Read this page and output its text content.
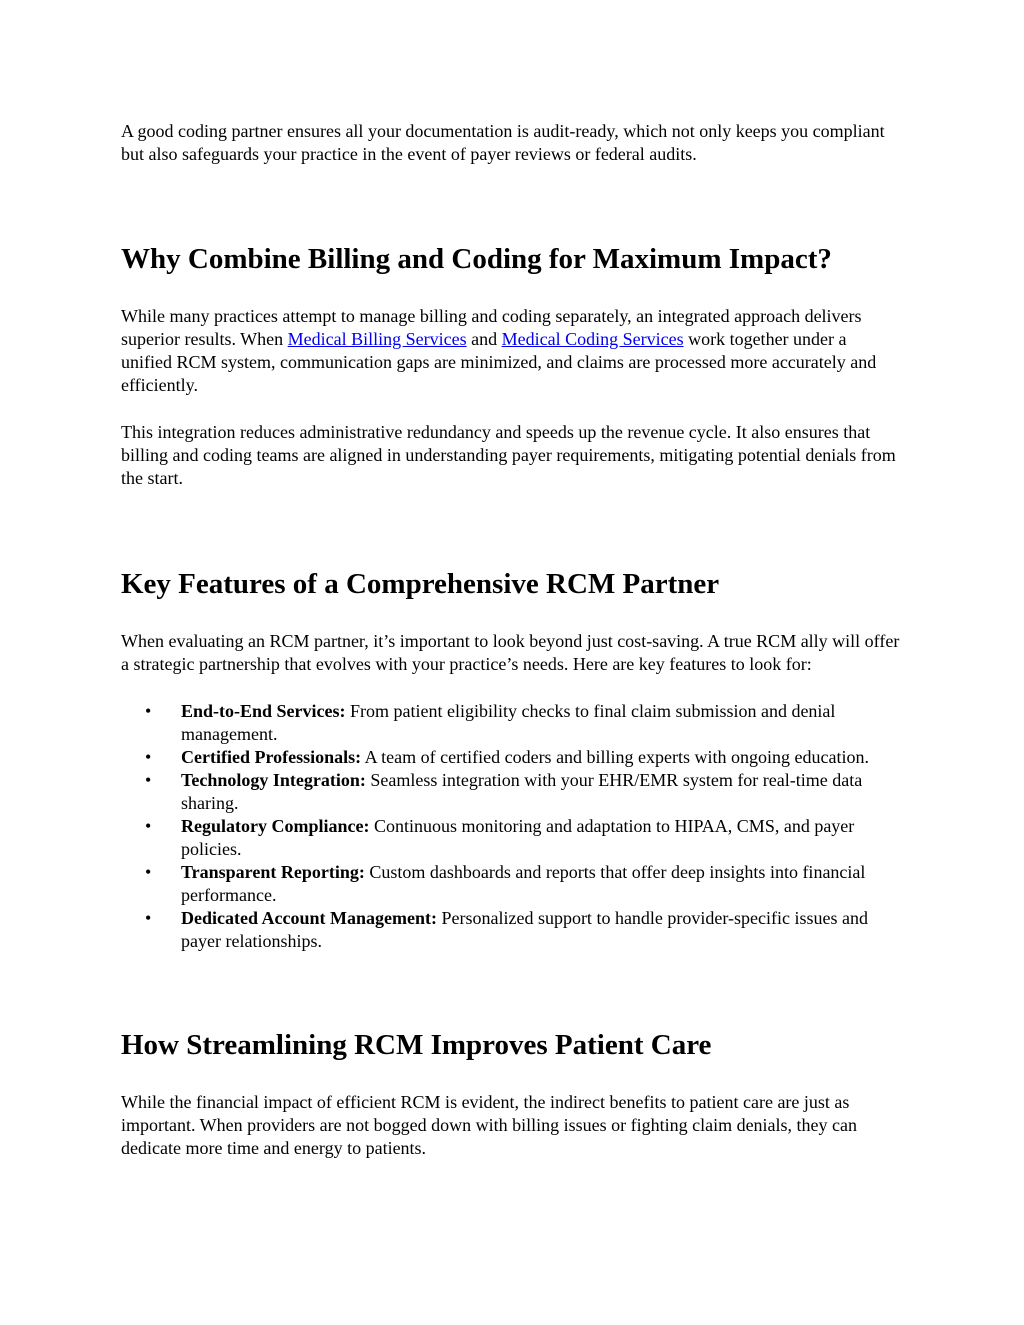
A good coding partner ensures all your documentation is audit-ready, which not only keeps you compliant but also safeguards your practice in the event of payer reviews or federal audits.

Why Combine Billing and Coding for Maximum Impact?

While many practices attempt to manage billing and coding separately, an integrated approach delivers superior results. When Medical Billing Services and Medical Coding Services work together under a unified RCM system, communication gaps are minimized, and claims are processed more accurately and efficiently.

This integration reduces administrative redundancy and speeds up the revenue cycle. It also ensures that billing and coding teams are aligned in understanding payer requirements, mitigating potential denials from the start.

Key Features of a Comprehensive RCM Partner

When evaluating an RCM partner, it’s important to look beyond just cost-saving. A true RCM ally will offer a strategic partnership that evolves with your practice’s needs. Here are key features to look for:

• End-to-End Services: From patient eligibility checks to final claim submission and denial management.
• Certified Professionals: A team of certified coders and billing experts with ongoing education.
• Technology Integration: Seamless integration with your EHR/EMR system for real-time data sharing.
• Regulatory Compliance: Continuous monitoring and adaptation to HIPAA, CMS, and payer policies.
• Transparent Reporting: Custom dashboards and reports that offer deep insights into financial performance.
• Dedicated Account Management: Personalized support to handle provider-specific issues and payer relationships.
How Streamlining RCM Improves Patient Care

While the financial impact of efficient RCM is evident, the indirect benefits to patient care are just as important. When providers are not bogged down with billing issues or fighting claim denials, they can dedicate more time and energy to patients.
